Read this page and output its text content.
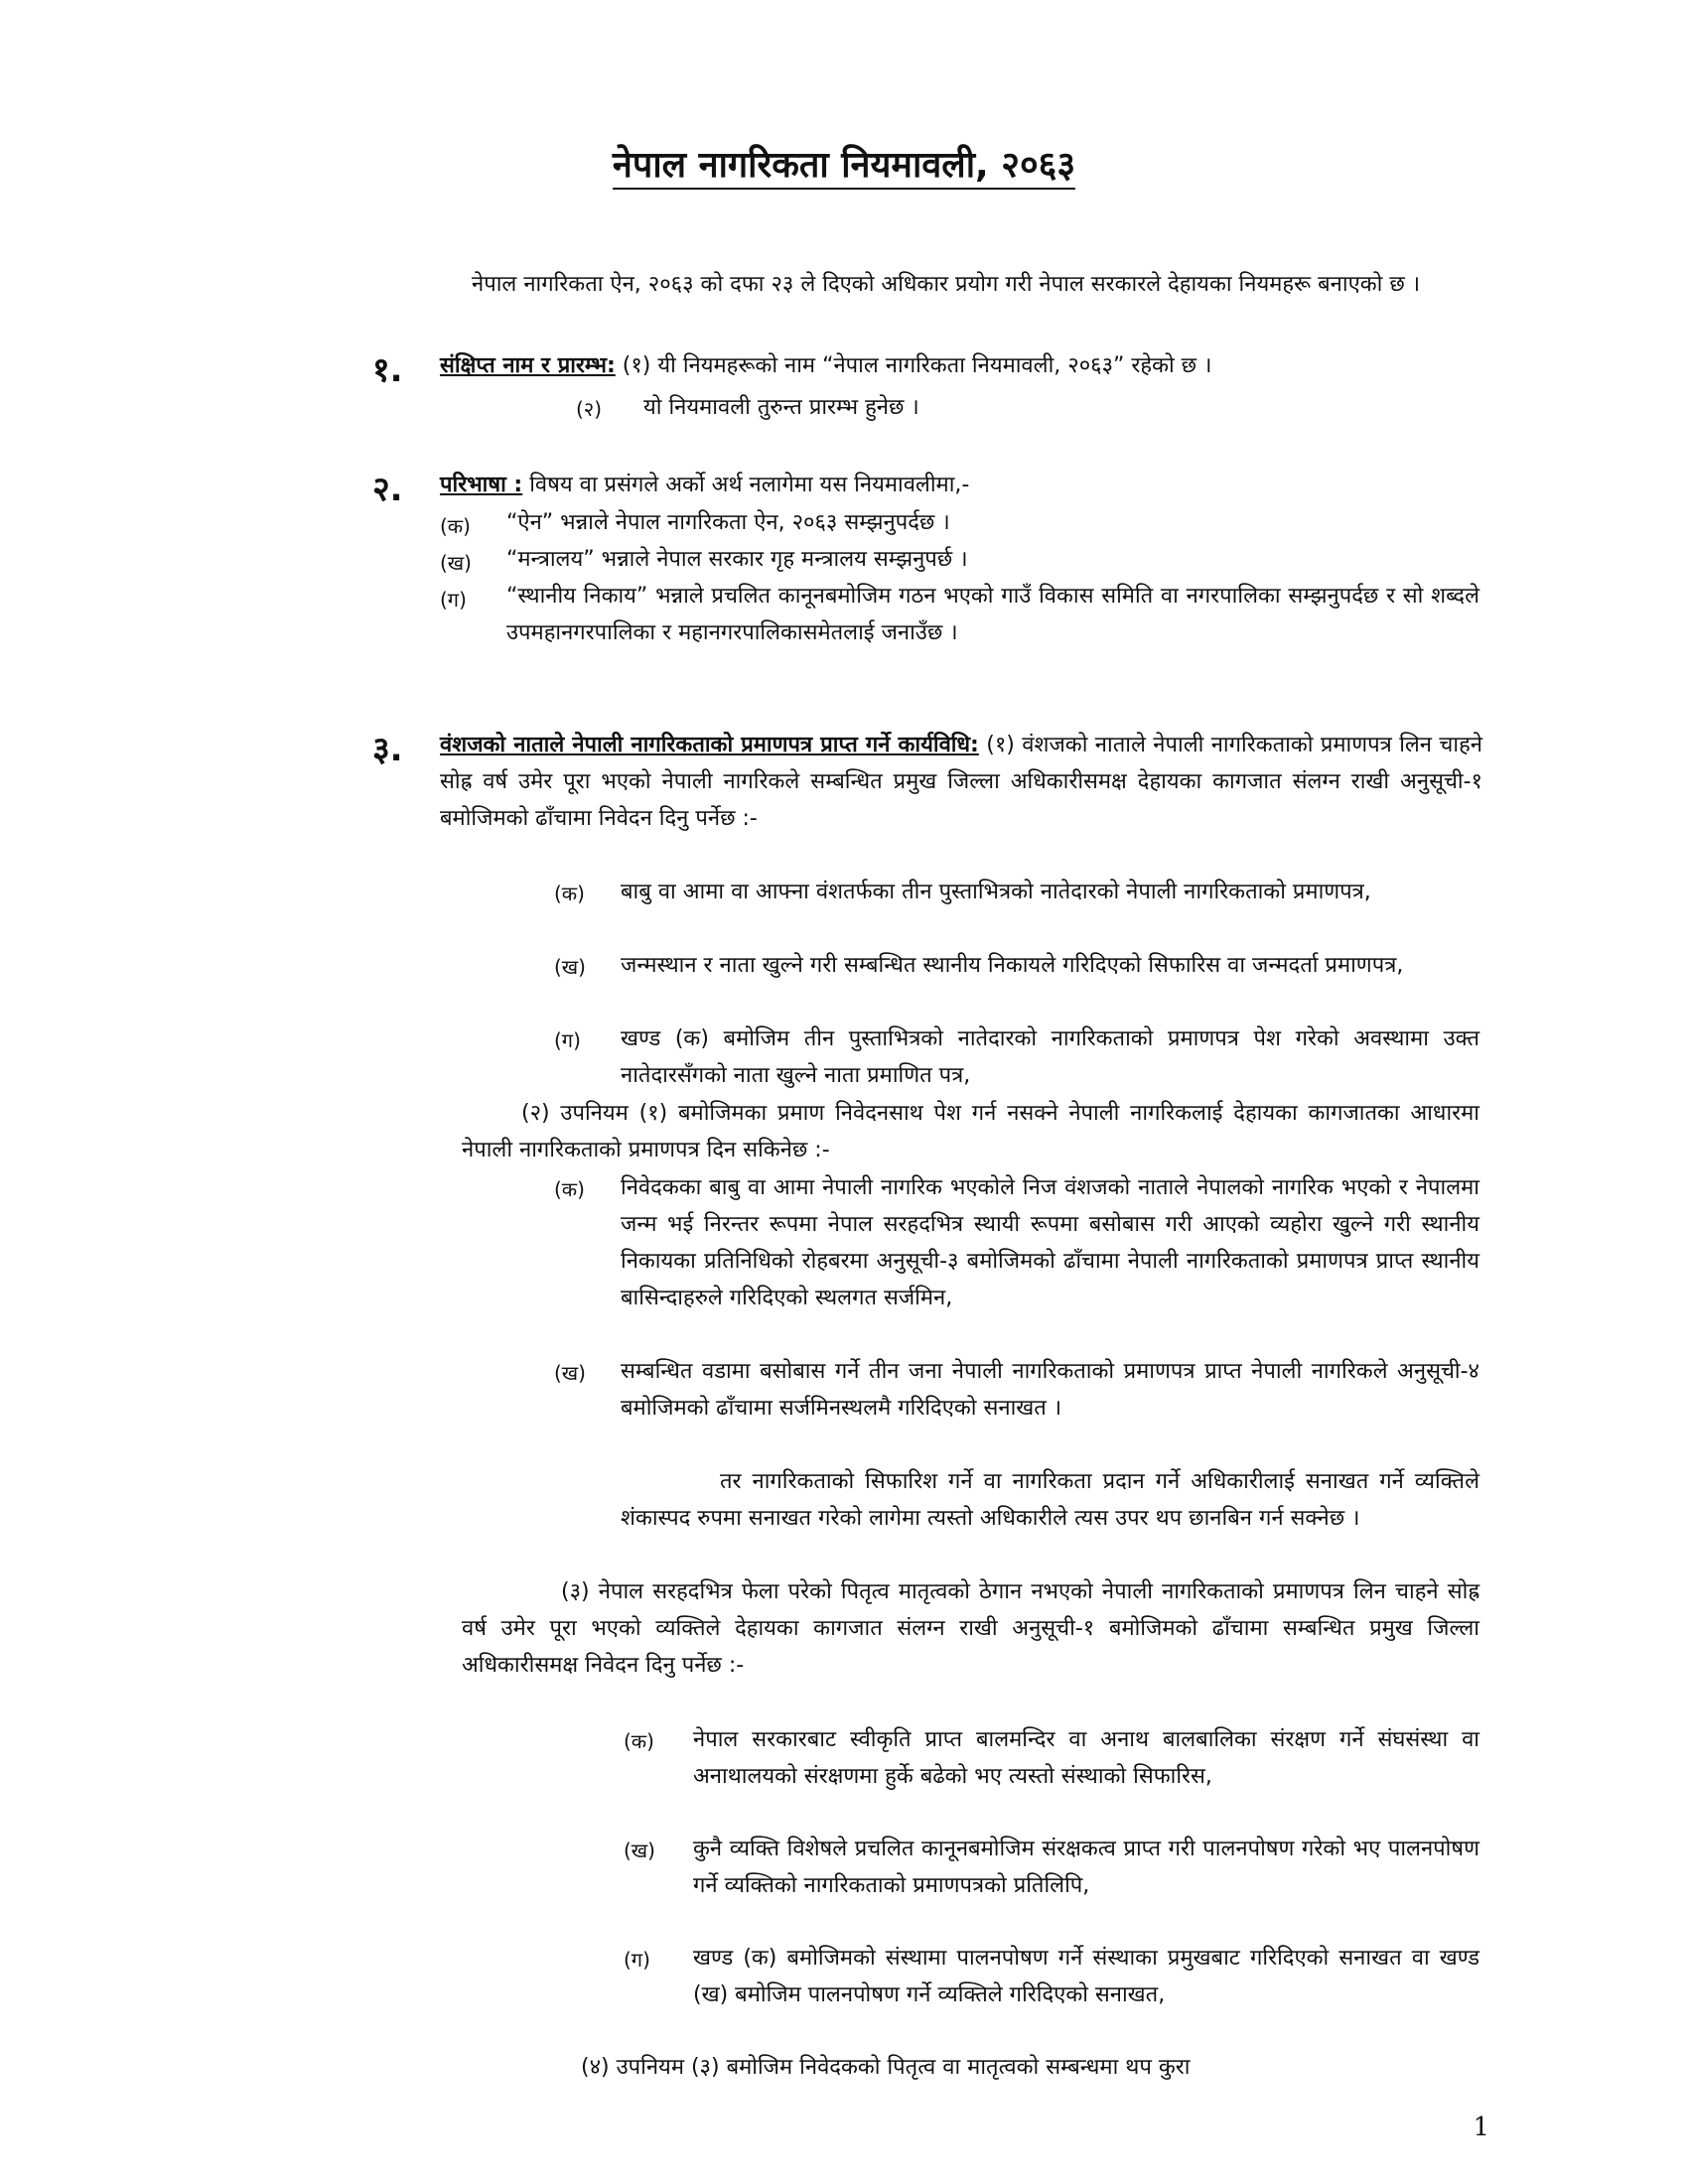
नेपाल नागरिकता नियमावली, २०६३
नेपाल नागरिकता ऐन, २०६३ को दफा २३ ले दिएको अधिकार प्रयोग गरी नेपाल सरकारले देहायका नियमहरू बनाएको छ ।
१. संक्षिप्त नाम र प्रारम्भ: (१) यी नियमहरूको नाम “नेपाल नागरिकता नियमावली, २०६३” रहेको छ ।
(२) यो नियमावली तुरुन्त प्रारम्भ हुनेछ ।
२. परिभाषा : विषय वा प्रसंगले अर्को अर्थ नलागेमा यस नियमावलीमा,-
(क) “ऐन” भन्नाले नेपाल नागरिकता ऐन, २०६३ सम्झनुपर्दछ ।
(ख) “मन्त्रालय” भन्नाले नेपाल सरकार गृह मन्त्रालय सम्झनुपर्छ ।
(ग) “स्थानीय निकाय” भन्नाले प्रचलित कानूनबमोजिम गठन भएको गाउँ विकास समिति वा नगरपालिका सम्झनुपर्दछ र सो शब्दले उपमहानगरपालिका र महानगरपालिकासमेतलाई जनाउँछ ।
३. वंशजको नाताले नेपाली नागरिकताको प्रमाणपत्र प्राप्त गर्ने कार्यविधि: (१) वंशजको नाताले नेपाली नागरिकताको प्रमाणपत्र लिन चाहने सोह्र वर्ष उमेर पूरा भएको नेपाली नागरिकले सम्बन्धित प्रमुख जिल्ला अधिकारीसमक्ष देहायका कागजात संलग्न राखी अनुसूची-१ बमोजिमको ढाँचामा निवेदन दिनु पर्नेछ :-
(क) बाबु वा आमा वा आफ्ना वंशतर्फका तीन पुस्ताभित्रको नातेदारको नेपाली नागरिकताको प्रमाणपत्र,
(ख) जन्मस्थान र नाता खुल्ने गरी सम्बन्धित स्थानीय निकायले गरिदिएको सिफारिस वा जन्मदर्ता प्रमाणपत्र,
(ग) खण्ड (क) बमोजिम तीन पुस्ताभित्रको नातेदारको नागरिकताको प्रमाणपत्र पेश गरेको अवस्थामा उक्त नातेदारसँगको नाता खुल्ने नाता प्रमाणित पत्र,
(२) उपनियम (१) बमोजिमका प्रमाण निवेदनसाथ पेश गर्न नसक्ने नेपाली नागरिकलाई देहायका कागजातका आधारमा नेपाली नागरिकताको प्रमाणपत्र दिन सकिनेछ :-
(क) निवेदकका बाबु वा आमा नेपाली नागरिक भएकोले निज वंशजको नाताले नेपालको नागरिक भएको र नेपालमा जन्म भई निरन्तर रूपमा नेपाल सरहदभित्र स्थायी रूपमा बसोबास गरी आएको व्यहोरा खुल्ने गरी स्थानीय निकायका प्रतिनिधिको रोहबरमा अनुसूची-३ बमोजिमको ढाँचामा नेपाली नागरिकताको प्रमाणपत्र प्राप्त स्थानीय बासिन्दाहरुले गरिदिएको स्थलगत सर्जमिन,
(ख) सम्बन्धित वडामा बसोबास गर्ने तीन जना नेपाली नागरिकताको प्रमाणपत्र प्राप्त नेपाली नागरिकले अनुसूची-४ बमोजिमको ढाँचामा सर्जमिनस्थलमै गरिदिएको सनाखत ।
तर नागरिकताको सिफारिश गर्ने वा नागरिकता प्रदान गर्ने अधिकारीलाई सनाखत गर्ने व्यक्तिले शंकास्पद रुपमा सनाखत गरेको लागेमा त्यस्तो अधिकारीले त्यस उपर थप छानबिन गर्न सक्नेछ ।
(३) नेपाल सरहदभित्र फेला परेको पितृत्व मातृत्वको ठेगान नभएको नेपाली नागरिकताको प्रमाणपत्र लिन चाहने सोह्र वर्ष उमेर पूरा भएको व्यक्तिले देहायका कागजात संलग्न राखी अनुसूची-१ बमोजिमको ढाँचामा सम्बन्धित प्रमुख जिल्ला अधिकारीसमक्ष निवेदन दिनु पर्नेछ :-
(क) नेपाल सरकारबाट स्वीकृति प्राप्त बालमन्दिर वा अनाथ बालबालिका संरक्षण गर्ने संघसंस्था वा अनाथालयको संरक्षणमा हुर्के बढेको भए त्यस्तो संस्थाको सिफारिस,
(ख) कुनै व्यक्ति विशेषले प्रचलित कानूनबमोजिम संरक्षकत्व प्राप्त गरी पालनपोषण गरेको भए पालनपोषण गर्ने व्यक्तिको नागरिकताको प्रमाणपत्रको प्रतिलिपि,
(ग) खण्ड (क) बमोजिमको संस्थामा पालनपोषण गर्ने संस्थाका प्रमुखबाट गरिदिएको सनाखत वा खण्ड (ख) बमोजिम पालनपोषण गर्ने व्यक्तिले गरिदिएको सनाखत,
(४) उपनियम (३) बमोजिम निवेदकको पितृत्व वा मातृत्वको सम्बन्धमा थप कुरा
1
